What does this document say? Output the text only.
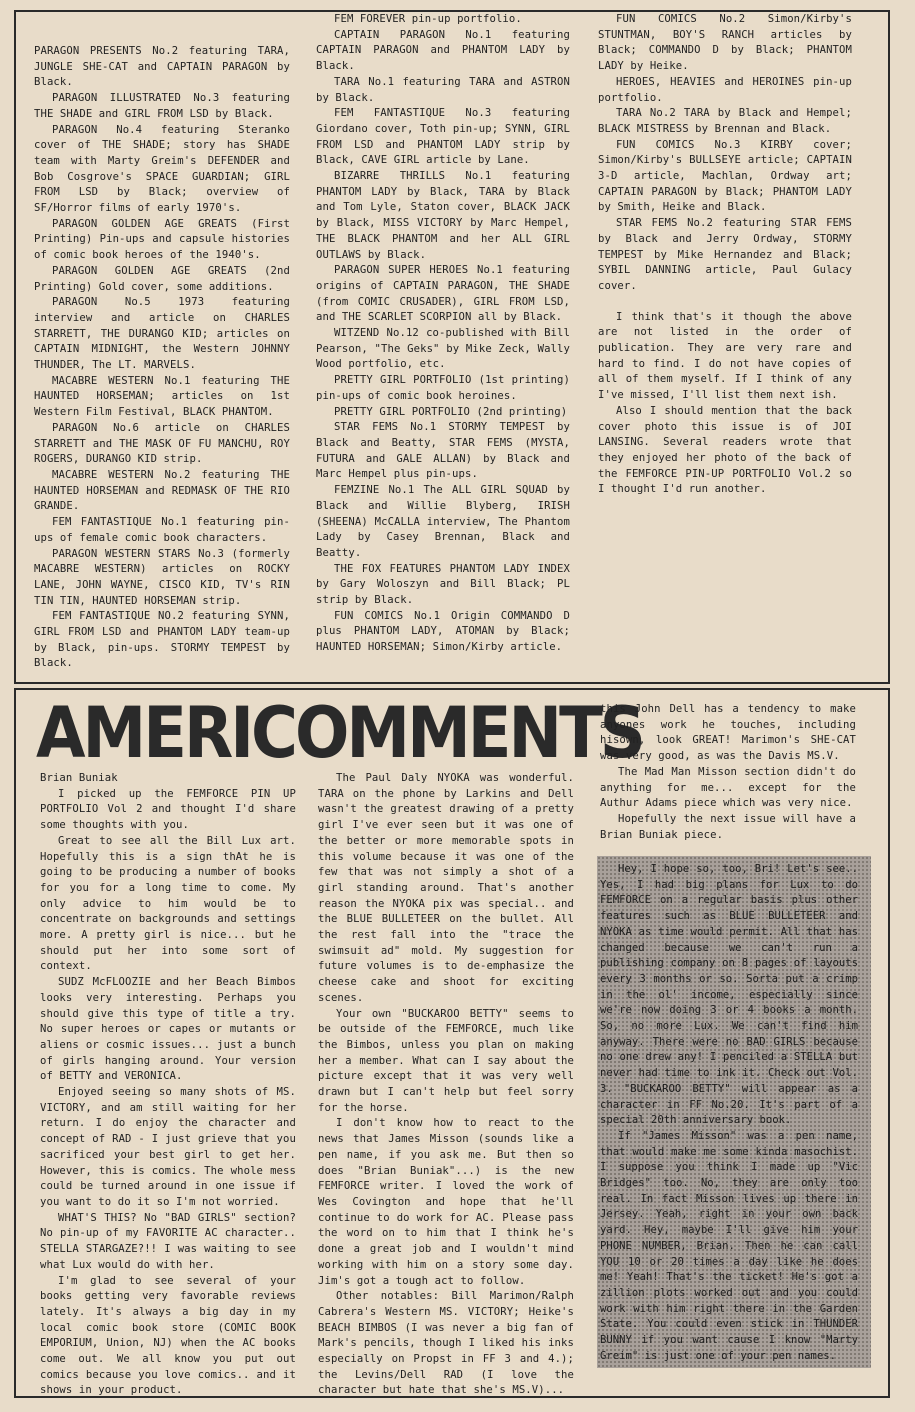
PARAGON PRESENTS No.2 featuring TARA, JUNGLE SHE-CAT and CAPTAIN PARAGON by Black.

PARAGON ILLUSTRATED No.3 featuring THE SHADE and GIRL FROM LSD by Black.

PARAGON No.4 featuring Steranko cover of THE SHADE; story has SHADE team with Marty Greim's DEFENDER and Bob Cosgrove's SPACE GUARDIAN; GIRL FROM LSD by Black; overview of SF/Horror films of early 1970's.

PARAGON GOLDEN AGE GREATS (First Printing) Pin-ups and capsule histories of comic book heroes of the 1940's.

PARAGON GOLDEN AGE GREATS (2nd Printing) Gold cover, some additions.

PARAGON No.5 1973 featuring interview and article on CHARLES STARRETT, THE DURANGO KID; articles on CAPTAIN MIDNIGHT, the Western JOHNNY THUNDER, The LT. MARVELS.

MACABRE WESTERN No.1 featuring THE HAUNTED HORSEMAN; articles on 1st Western Film Festival, BLACK PHANTOM.

PARAGON No.6 article on CHARLES STARRETT and THE MASK OF FU MANCHU, ROY ROGERS, DURANGO KID strip.

MACABRE WESTERN No.2 featuring THE HAUNTED HORSEMAN and REDMASK OF THE RIO GRANDE.

FEM FANTASTIQUE No.1 featuring pin-ups of female comic book characters.

PARAGON WESTERN STARS No.3 (formerly MACABRE WESTERN) articles on ROCKY LANE, JOHN WAYNE, CISCO KID, TV's RIN TIN TIN, HAUNTED HORSEMAN strip.

FEM FANTASTIQUE NO.2 featuring SYNN, GIRL FROM LSD and PHANTOM LADY team-up by Black, pin-ups. STORMY TEMPEST by Black.

FEM FOREVER pin-up portfolio.

CAPTAIN PARAGON No.1 featuring CAPTAIN PARAGON and PHANTOM LADY by Black.

TARA No.1 featuring TARA and ASTRON by Black.

FEM FANTASTIQUE No.3 featuring Giordano cover, Toth pin-up; SYNN, GIRL FROM LSD and PHANTOM LADY strip by Black, CAVE GIRL article by Lane.

BIZARRE THRILLS No.1 featuring PHANTOM LADY by Black, TARA by Black and Tom Lyle, Staton cover, BLACK JACK by Black, MISS VICTORY by Marc Hempel, THE BLACK PHANTOM and her ALL GIRL OUTLAWS by Black.

PARAGON SUPER HEROES No.1 featuring origins of CAPTAIN PARAGON, THE SHADE (from COMIC CRUSADER), GIRL FROM LSD, and THE SCARLET SCORPION all by Black.

WITZEND No.12 co-published with Bill Pearson, "The Geks" by Mike Zeck, Wally Wood portfolio, etc.

PRETTY GIRL PORTFOLIO (1st printing) pin-ups of comic book heroines.

PRETTY GIRL PORTFOLIO (2nd printing)

STAR FEMS No.1 STORMY TEMPEST by Black and Beatty, STAR FEMS (MYSTA, FUTURA and GALE ALLAN) by Black and Marc Hempel plus pin-ups.

FEMZINE No.1 The ALL GIRL SQUAD by Black and Willie Blyberg, IRISH (SHEENA) McCALLA interview, The Phantom Lady by Casey Brennan, Black and Beatty.

THE FOX FEATURES PHANTOM LADY INDEX by Gary Woloszyn and Bill Black; PL strip by Black.

FUN COMICS No.1 Origin COMMANDO D plus PHANTOM LADY, ATOMAN by Black; HAUNTED HORSEMAN; Simon/Kirby article.

FUN COMICS No.2 Simon/Kirby's STUNTMAN, BOY'S RANCH articles by Black; COMMANDO D by Black; PHANTOM LADY by Heike.

HEROES, HEAVIES and HEROINES pin-up portfolio.

TARA No.2 TARA by Black and Hempel; BLACK MISTRESS by Brennan and Black.

FUN COMICS No.3 KIRBY cover; Simon/Kirby's BULLSEYE article; CAPTAIN 3-D article, Machlan, Ordway art; CAPTAIN PARAGON by Black; PHANTOM LADY by Smith, Heike and Black.

STAR FEMS No.2 featuring STAR FEMS by Black and Jerry Ordway, STORMY TEMPEST by Mike Hernandez and Black; SYBIL DANNING article, Paul Gulacy cover.

I think that's it though the above are not listed in the order of publication. They are very rare and hard to find. I do not have copies of all of them myself. If I think of any I've missed, I'll list them next ish.

Also I should mention that the back cover photo this issue is of JOI LANSING. Several readers wrote that they enjoyed her photo of the back of the FEMFORCE PIN-UP PORTFOLIO Vol.2 so I thought I'd run another.

AMERICOMMENTS

Brian Buniak

I picked up the FEMFORCE PIN UP PORTFOLIO Vol 2 and thought I'd share some thoughts with you.

Great to see all the Bill Lux art. Hopefully this is a sign thAt he is going to be producing a number of books for you for a long time to come. My only advice to him would be to concentrate on backgrounds and settings more. A pretty girl is nice... but he should put her into some sort of context.

SUDZ McFLOOZIE and her Beach Bimbos looks very interesting. Perhaps you should give this type of title a try. No super heroes or capes or mutants or aliens or cosmic issues... just a bunch of girls hanging around. Your version of BETTY and VERONICA.

Enjoyed seeing so many shots of MS. VICTORY, and am still waiting for her return. I do enjoy the character and concept of RAD - I just grieve that you sacrificed your best girl to get her. However, this is comics. The whole mess could be turned around in one issue if you want to do it so I'm not worried.

WHAT'S THIS? No "BAD GIRLS" section? No pin-up of my FAVORITE AC character.. STELLA STARGAZE?!! I was waiting to see what Lux would do with her.

I'm glad to see several of your books getting very favorable reviews lately. It's always a big day in my local comic book store (COMIC BOOK EMPORIUM, Union, NJ) when the AC books come out. We all know you put out comics because you love comics.. and it shows in your product.

The Paul Daly NYOKA was wonderful. TARA on the phone by Larkins and Dell wasn't the greatest drawing of a pretty girl I've ever seen but it was one of the better or more memorable spots in this volume because it was one of the few that was not simply a shot of a girl standing around. That's another reason the NYOKA pix was special.. and the BLUE BULLETEER on the bullet. All the rest fall into the "trace the swimsuit ad" mold. My suggestion for future volumes is to de-emphasize the cheese cake and shoot for exciting scenes.

Your own "BUCKAROO BETTY" seems to be outside of the FEMFORCE, much like the Bimbos, unless you plan on making her a member. What can I say about the picture except that it was very well drawn but I can't help but feel sorry for the horse.

I don't know how to react to the news that James Misson (sounds like a pen name, if you ask me. But then so does "Brian Buniak"...) is the new FEMFORCE writer. I loved the work of Wes Covington and hope that he'll continue to do work for AC. Please pass the word on to him that I think he's done a great job and I wouldn't mind working with him on a story some day. Jim's got a tough act to follow.

Other notables: Bill Marimon/Ralph Cabrera's Western MS. VICTORY; Heike's BEACH BIMBOS (I was never a big fan of Mark's pencils, though I liked his inks especially on Propst in FF 3 and 4.); the Levins/Dell RAD (I love the character but hate that she's MS.V)...

this John Dell has a tendency to make anyones work he touches, including hisown, look GREAT! Marimon's SHE-CAT was very good, as was the Davis MS.V.

The Mad Man Misson section didn't do anything for me... except for the Authur Adams piece which was very nice.

Hopefully the next issue will have a Brian Buniak piece.

Hey, I hope so, too, Bri! Let's see.. Yes, I had big plans for Lux to do FEMFORCE on a regular basis plus other features such as BLUE BULLETEER and NYOKA as time would permit. All that has changed because we can't run a publishing company on 8 pages of layouts every 3 months or so. Sorta put a crimp in the ol' income, especially since we're now doing 3 or 4 books a month. So, no more Lux. We can't find him anyway. There were no BAD GIRLS because no one drew any! I penciled a STELLA but never had time to ink it. Check out Vol. 3. "BUCKAROO BETTY" will appear as a character in FF No.20. It's part of a special 20th anniversary book.

If "James Misson" was a pen name, that would make me some kinda masochist. I suppose you think I made up "Vic Bridges" too. No, they are only too real. In fact Misson lives up there in Jersey. Yeah, right in your own back yard. Hey, maybe I'll give him your PHONE NUMBER, Brian. Then he can call YOU 10 or 20 times a day like he does me! Yeah! That's the ticket! He's got a zillion plots worked out and you could work with him right there in the Garden State. You could even stick in THUNDER BUNNY if you want cause I know "Marty Greim" is just one of your pen names.
